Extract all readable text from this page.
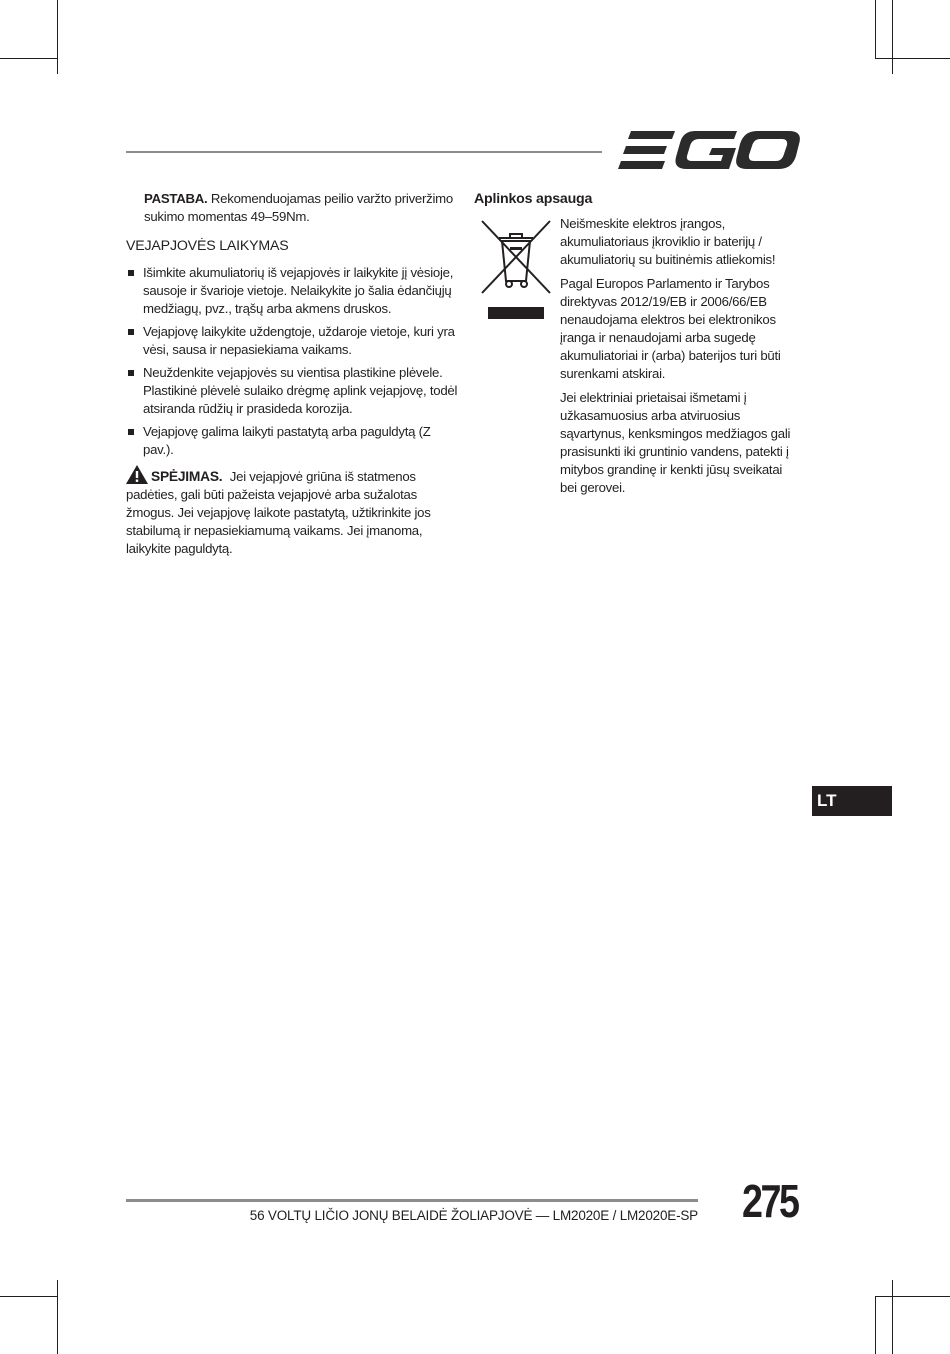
PASTABA. Rekomenduojamas peilio varžto priveržimo sukimo momentas 49–59Nm.

VEJAPJOVĖS LAIKYMAS
Išimkite akumuliatorių iš vejapjovės ir laikykite jį vėsioje, sausoje ir švarioje vietoje. Nelaikykite jo šalia ėdančiųjų medžiagų, pvz., trąšų arba akmens druskos.
Vejapjovę laikykite uždengtoje, uždaroje vietoje, kuri yra vėsi, sausa ir nepasiekiama vaikams.
Neuždenkite vejapjovės su vientisa plastikine plėvele. Plastikinė plėvelė sulaiko drėgmę aplink vejapjovę, todėl atsiranda rūdžių ir prasideda korozija.
Vejapjovę galima laikyti pastatytą arba paguldytą (Z pav.).

SPĖJIMAS. Jei vejapjovė griūna iš statmenos padėties, gali būti pažeista vejapjovė arba sužalotas žmogus. Jei vejapjovę laikote pastatytą, užtikrinkite jos stabilumą ir nepasiekiamumą vaikams. Jei įmanoma, laikykite paguldytą.

Aplinkos apsauga

Neišmeskite elektros įrangos, akumuliatoriaus įkroviklio ir baterijų / akumuliatorių su buitinėmis atliekomis!

Pagal Europos Parlamento ir Tarybos direktyvas 2012/19/EB ir 2006/66/EB nenaudojama elektros bei elektronikos įranga ir nenaudojami arba sugedę akumuliatoriai ir (arba) baterijos turi būti surenkami atskirai.

Jei elektriniai prietaisai išmetami į užkasamuosius arba atviruosius sąvartynus, kenksmingos medžiagos gali prasisunkti iki gruntinio vandens, patekti į mitybos grandinę ir kenkti jūsų sveikatai bei gerovei.

LT
56 VOLTŲ LIČIO JONŲ BELAIDĖ ŽOLIAPJOVĖ — LM2020E / LM2020E-SP 275
